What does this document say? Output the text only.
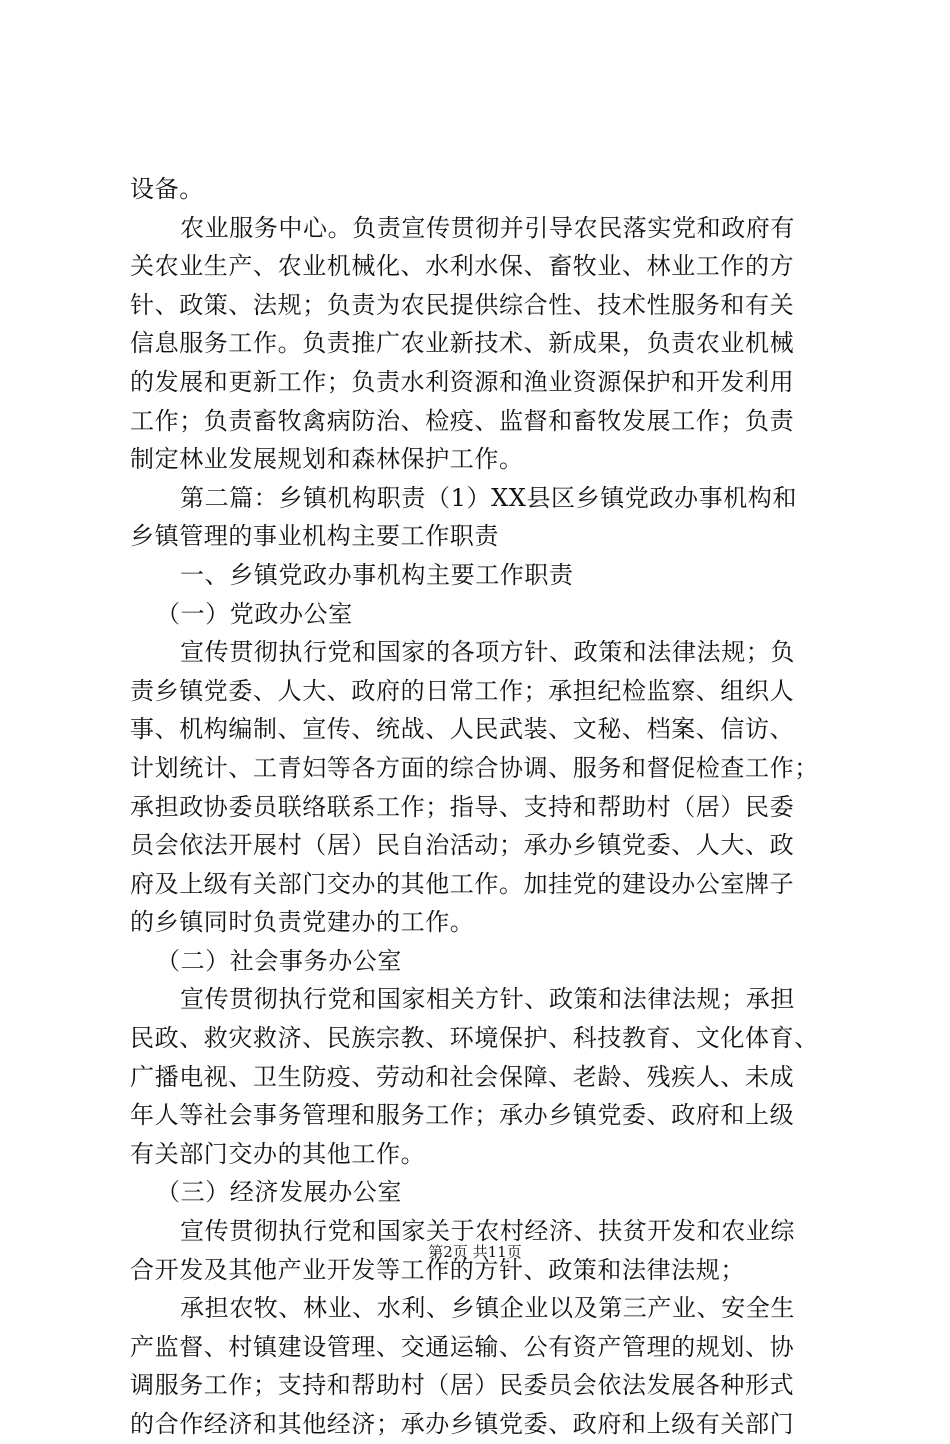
设备。
农业服务中心。负责宣传贯彻并引导农民落实党和政府有
关农业生产、农业机械化、水利水保、畜牧业、林业工作的方
针、政策、法规；负责为农民提供综合性、技术性服务和有关
信息服务工作。负责推广农业新技术、新成果，负责农业机械
的发展和更新工作；负责水利资源和渔业资源保护和开发利用
工作；负责畜牧禽病防治、检疫、监督和畜牧发展工作；负责
制定林业发展规划和森林保护工作。
第二篇：乡镇机构职责（1）XX县区乡镇党政办事机构和
乡镇管理的事业机构主要工作职责
一、乡镇党政办事机构主要工作职责
（一）党政办公室
宣传贯彻执行党和国家的各项方针、政策和法律法规；负
责乡镇党委、人大、政府的日常工作；承担纪检监察、组织人
事、机构编制、宣传、统战、人民武装、文秘、档案、信访、
计划统计、工青妇等各方面的综合协调、服务和督促检查工作；
承担政协委员联络联系工作；指导、支持和帮助村（居）民委
员会依法开展村（居）民自治活动；承办乡镇党委、人大、政
府及上级有关部门交办的其他工作。加挂党的建设办公室牌子
的乡镇同时负责党建办的工作。
（二）社会事务办公室
宣传贯彻执行党和国家相关方针、政策和法律法规；承担
民政、救灾救济、民族宗教、环境保护、科技教育、文化体育、
广播电视、卫生防疫、劳动和社会保障、老龄、残疾人、未成
年人等社会事务管理和服务工作；承办乡镇党委、政府和上级
有关部门交办的其他工作。
（三）经济发展办公室
宣传贯彻执行党和国家关于农村经济、扶贫开发和农业综
合开发及其他产业开发等工作的方针、政策和法律法规；
承担农牧、林业、水利、乡镇企业以及第三产业、安全生
产监督、村镇建设管理、交通运输、公有资产管理的规划、协
调服务工作；支持和帮助村（居）民委员会依法发展各种形式
的合作经济和其他经济；承办乡镇党委、政府和上级有关部门
第2页 共11页
